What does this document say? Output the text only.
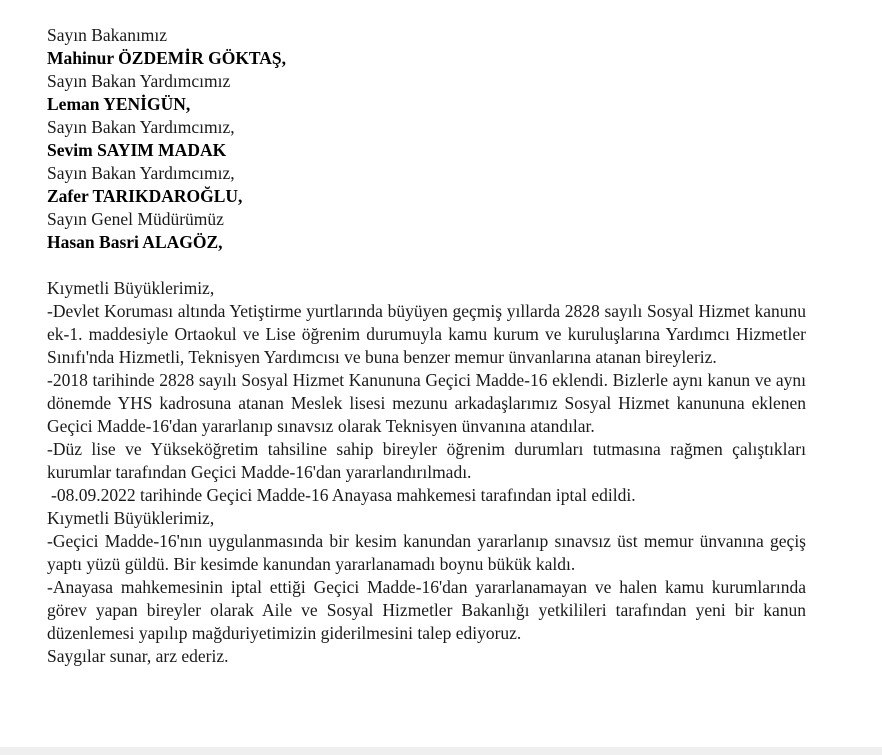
Sayın Bakanımız

Mahinur ÖZDEMİR GÖKTAŞ,

Sayın Bakan Yardımcımız

Leman YENİGÜN,

Sayın Bakan Yardımcımız,

Sevim SAYIM MADAK

Sayın Bakan Yardımcımız,

Zafer TARIKDAROĞLU,

Sayın Genel Müdürümüz

Hasan Basri ALAGÖZ,

Kıymetli Büyüklerimiz,

-Devlet Koruması altında Yetiştirme yurtlarında büyüyen geçmiş yıllarda 2828 sayılı Sosyal Hizmet kanunu ek-1. maddesiyle Ortaokul ve Lise öğrenim durumuyla kamu kurum ve kuruluşlarına Yardımcı Hizmetler Sınıfı'nda Hizmetli, Teknisyen Yardımcısı ve buna benzer memur ünvanlarına atanan bireyleriz.

-2018 tarihinde 2828 sayılı Sosyal Hizmet Kanununa Geçici Madde-16 eklendi. Bizlerle aynı kanun ve aynı dönemde YHS kadrosuna atanan Meslek lisesi mezunu arkadaşlarımız Sosyal Hizmet kanununa eklenen Geçici Madde-16'dan yararlanıp sınavsız olarak Teknisyen ünvanına atandılar.

-Düz lise ve Yükseköğretim tahsiline sahip bireyler öğrenim durumları tutmasına rağmen çalıştıkları kurumlar tarafından Geçici Madde-16'dan yararlandırılmadı.

-08.09.2022 tarihinde Geçici Madde-16 Anayasa mahkemesi tarafından iptal edildi.

Kıymetli Büyüklerimiz,

-Geçici Madde-16'nın uygulanmasında bir kesim kanundan yararlanıp sınavsız üst memur ünvanına geçiş yaptı yüzü güldü. Bir kesimde kanundan yararlanamadı boynu bükük kaldı.

-Anayasa mahkemesinin iptal ettiği Geçici Madde-16'dan yararlanamayan ve halen kamu kurumlarında görev yapan bireyler olarak Aile ve Sosyal Hizmetler Bakanlığı yetkilileri tarafından yeni bir kanun düzenlemesi yapılıp mağduriyetimizin giderilmesini talep ediyoruz.

Saygılar sunar, arz ederiz.
